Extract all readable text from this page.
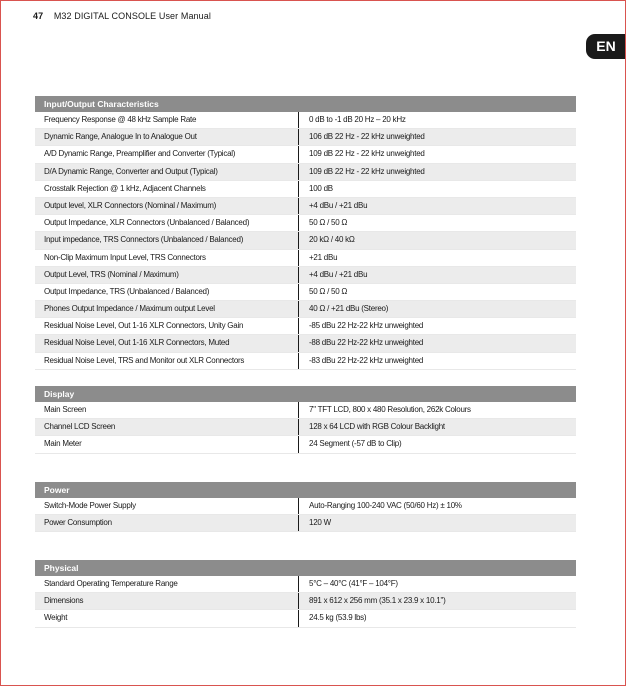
47 M32 DIGITAL CONSOLE User Manual
EN
Input/Output Characteristics
Frequency Response @ 48 kHz Sample Rate	0 dB to -1 dB 20 Hz – 20 kHz
Dynamic Range, Analogue In to Analogue Out	106 dB 22 Hz - 22 kHz unweighted
A/D Dynamic Range, Preamplifier and Converter (Typical)	109 dB 22 Hz - 22 kHz unweighted
D/A Dynamic Range, Converter and Output (Typical)	109 dB 22 Hz - 22 kHz unweighted
Crosstalk Rejection @ 1 kHz, Adjacent Channels	100 dB
Output level, XLR Connectors (Nominal / Maximum)	+4 dBu / +21 dBu
Output Impedance, XLR Connectors (Unbalanced / Balanced)	50 Ω / 50 Ω
Input impedance, TRS Connectors (Unbalanced / Balanced)	20 kΩ / 40 kΩ
Non-Clip Maximum Input Level, TRS Connectors	+21 dBu
Output Level, TRS (Nominal / Maximum)	+4 dBu / +21 dBu
Output Impedance, TRS (Unbalanced / Balanced)	50 Ω / 50 Ω
Phones Output Impedance / Maximum output Level	40 Ω / +21 dBu (Stereo)
Residual Noise Level, Out 1-16 XLR Connectors, Unity Gain	-85 dBu 22 Hz-22 kHz unweighted
Residual Noise Level, Out 1-16 XLR Connectors, Muted	-88 dBu 22 Hz-22 kHz unweighted
Residual Noise Level, TRS and Monitor out XLR Connectors	-83 dBu 22 Hz-22 kHz unweighted
Display
Main Screen	7" TFT LCD, 800 x 480 Resolution, 262k Colours
Channel LCD Screen	128 x 64 LCD with RGB Colour Backlight
Main Meter	24 Segment (-57 dB to Clip)
Power
Switch-Mode Power Supply	Auto-Ranging 100-240 VAC (50/60 Hz) ± 10%
Power Consumption	120 W
Physical
Standard Operating Temperature Range	5°C – 40°C (41°F – 104°F)
Dimensions	891 x 612 x 256 mm (35.1 x 23.9 x 10.1")
Weight	24.5 kg (53.9 lbs)
